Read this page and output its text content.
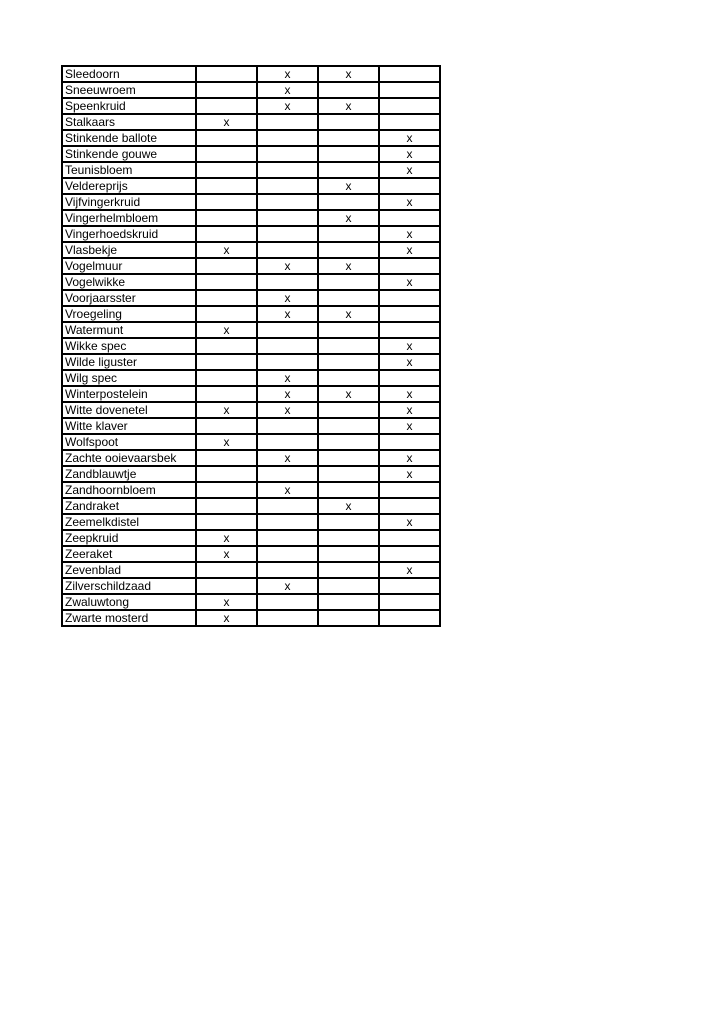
Sleedoorn		x	x	
Sneeuwroem		x		
Speenkruid		x	x	
Stalkaars	x			
Stinkende ballote				x
Stinkende gouwe				x
Teunisbloem				x
Veldereprijs			x	
Vijfvingerkruid				x
Vingerhelmbloem			x	
Vingerhoedskruid				x
Vlasbekje	x			x
Vogelmuur		x	x	
Vogelwikke				x
Voorjaarsster		x		
Vroegeling		x	x	
Watermunt	x			
Wikke spec				x
Wilde liguster				x
Wilg spec		x		
Winterpostelein		x	x	x
Witte dovenetel	x	x		x
Witte klaver				x
Wolfspoot	x			
Zachte ooievaarsbek		x		x
Zandblauwtje				x
Zandhoornbloem		x		
Zandraket			x	
Zeemelkdistel				x
Zeepkruid	x			
Zeeraket	x			
Zevenblad				x
Zilverschildzaad		x		
Zwaluwtong	x			
Zwarte mosterd	x			
